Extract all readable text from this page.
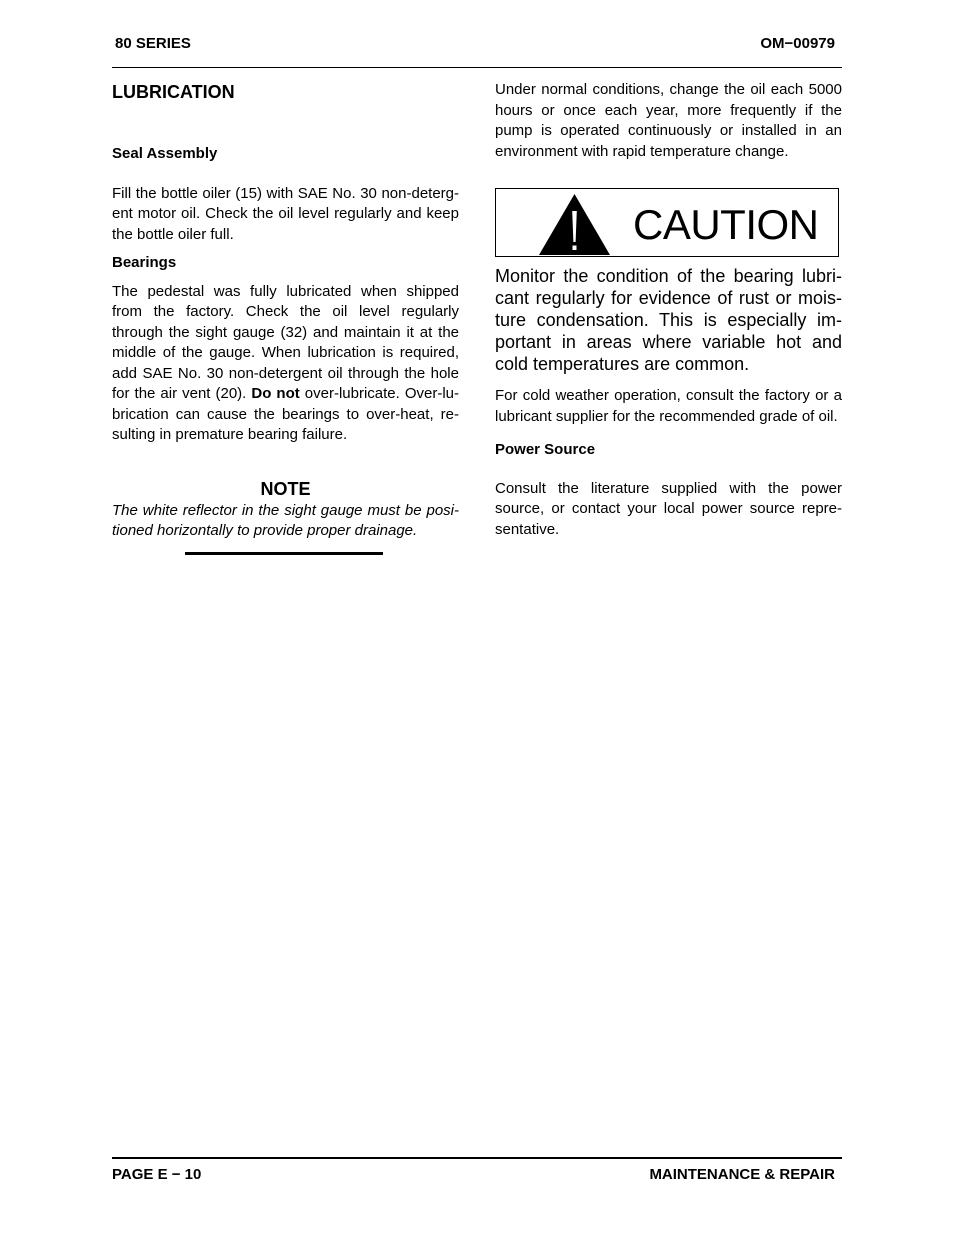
80 SERIES	OM−00979
LUBRICATION
Seal Assembly

Fill the bottle oiler (15) with SAE No. 30 non-deterg-ent motor oil. Check the oil level regularly and keep the bottle oiler full.

Bearings

The pedestal was fully lubricated when shipped from the factory. Check the oil level regularly through the sight gauge (32) and maintain it at the middle of the gauge. When lubrication is required, add SAE No. 30 non-detergent oil through the hole for the air vent (20). Do not over-lubricate. Over-lu-brication can cause the bearings to over-heat, re-sulting in premature bearing failure.

NOTE

The white reflector in the sight gauge must be posi-tioned horizontally to provide proper drainage.

Under normal conditions, change the oil each 5000 hours or once each year, more frequently if the pump is operated continuously or installed in an environment with rapid temperature change.

CAUTION

Monitor the condition of the bearing lubri-cant regularly for evidence of rust or mois-ture condensation. This is especially im-portant in areas where variable hot and cold temperatures are common.

For cold weather operation, consult the factory or a lubricant supplier for the recommended grade of oil.

Power Source

Consult the literature supplied with the power source, or contact your local power source repre-sentative.

PAGE E − 10	MAINTENANCE & REPAIR
